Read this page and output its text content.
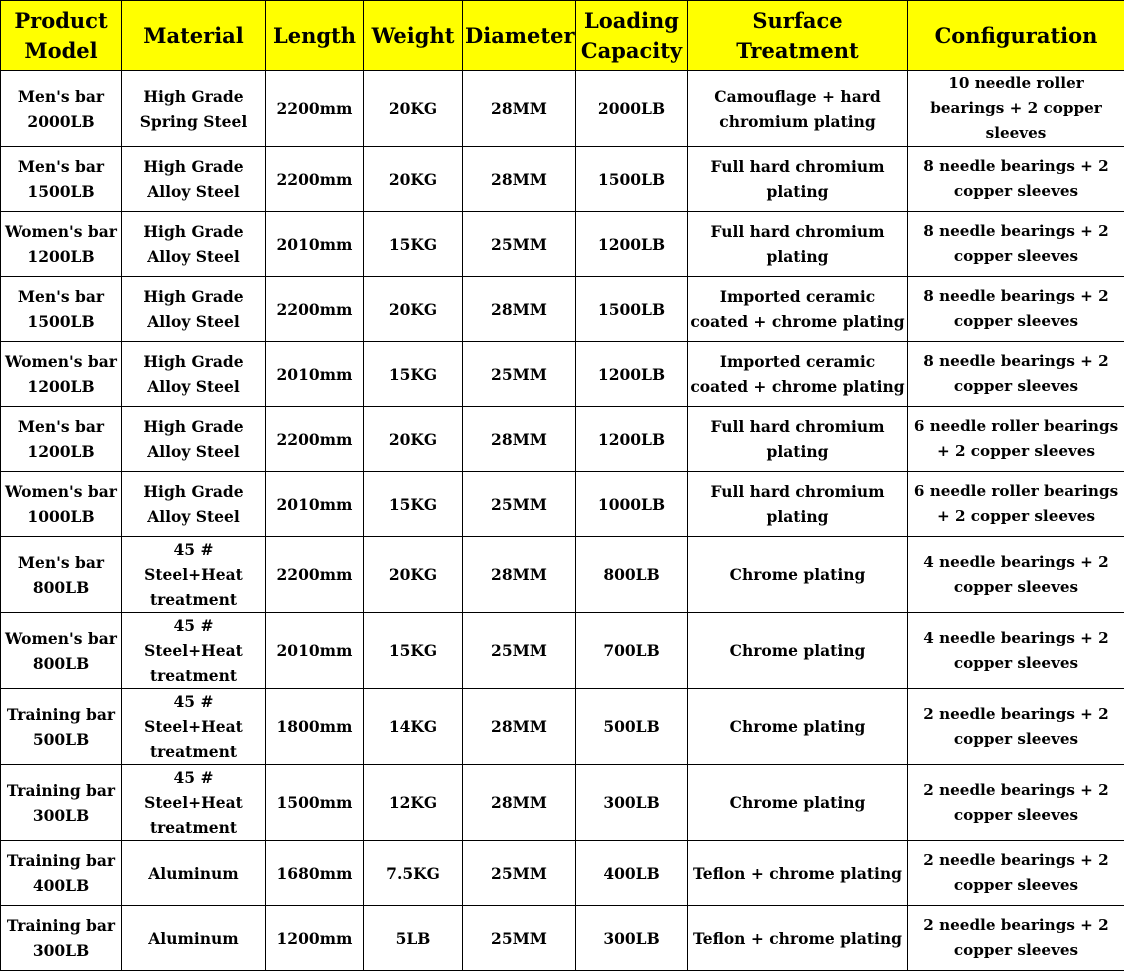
Product Model	Material	Length	Weight	Diameter	Loading Capacity	Surface Treatment	Configuration
Men's bar 2000LB	High Grade Spring Steel	2200mm	20KG	28MM	2000LB	Camouflage + hard chromium plating	10 needle roller bearings + 2 copper sleeves
Men's bar 1500LB	High Grade Alloy Steel	2200mm	20KG	28MM	1500LB	Full hard chromium plating	8 needle bearings + 2 copper sleeves
Women's bar 1200LB	High Grade Alloy Steel	2010mm	15KG	25MM	1200LB	Full hard chromium plating	8 needle bearings + 2 copper sleeves
Men's bar 1500LB	High Grade Alloy Steel	2200mm	20KG	28MM	1500LB	Imported ceramic coated + chrome plating	8 needle bearings + 2 copper sleeves
Women's bar 1200LB	High Grade Alloy Steel	2010mm	15KG	25MM	1200LB	Imported ceramic coated + chrome plating	8 needle bearings + 2 copper sleeves
Men's bar 1200LB	High Grade Alloy Steel	2200mm	20KG	28MM	1200LB	Full hard chromium plating	6 needle roller bearings + 2 copper sleeves
Women's bar 1000LB	High Grade Alloy Steel	2010mm	15KG	25MM	1000LB	Full hard chromium plating	6 needle roller bearings + 2 copper sleeves
Men's bar 800LB	45 # Steel+Heat treatment	2200mm	20KG	28MM	800LB	Chrome plating	4 needle bearings + 2 copper sleeves
Women's bar 800LB	45 # Steel+Heat treatment	2010mm	15KG	25MM	700LB	Chrome plating	4 needle bearings + 2 copper sleeves
Training bar 500LB	45 # Steel+Heat treatment	1800mm	14KG	28MM	500LB	Chrome plating	2 needle bearings + 2 copper sleeves
Training bar 300LB	45 # Steel+Heat treatment	1500mm	12KG	28MM	300LB	Chrome plating	2 needle bearings + 2 copper sleeves
Training bar 400LB	Aluminum	1680mm	7.5KG	25MM	400LB	Teflon + chrome plating	2 needle bearings + 2 copper sleeves
Training bar 300LB	Aluminum	1200mm	5LB	25MM	300LB	Teflon + chrome plating	2 needle bearings + 2 copper sleeves
